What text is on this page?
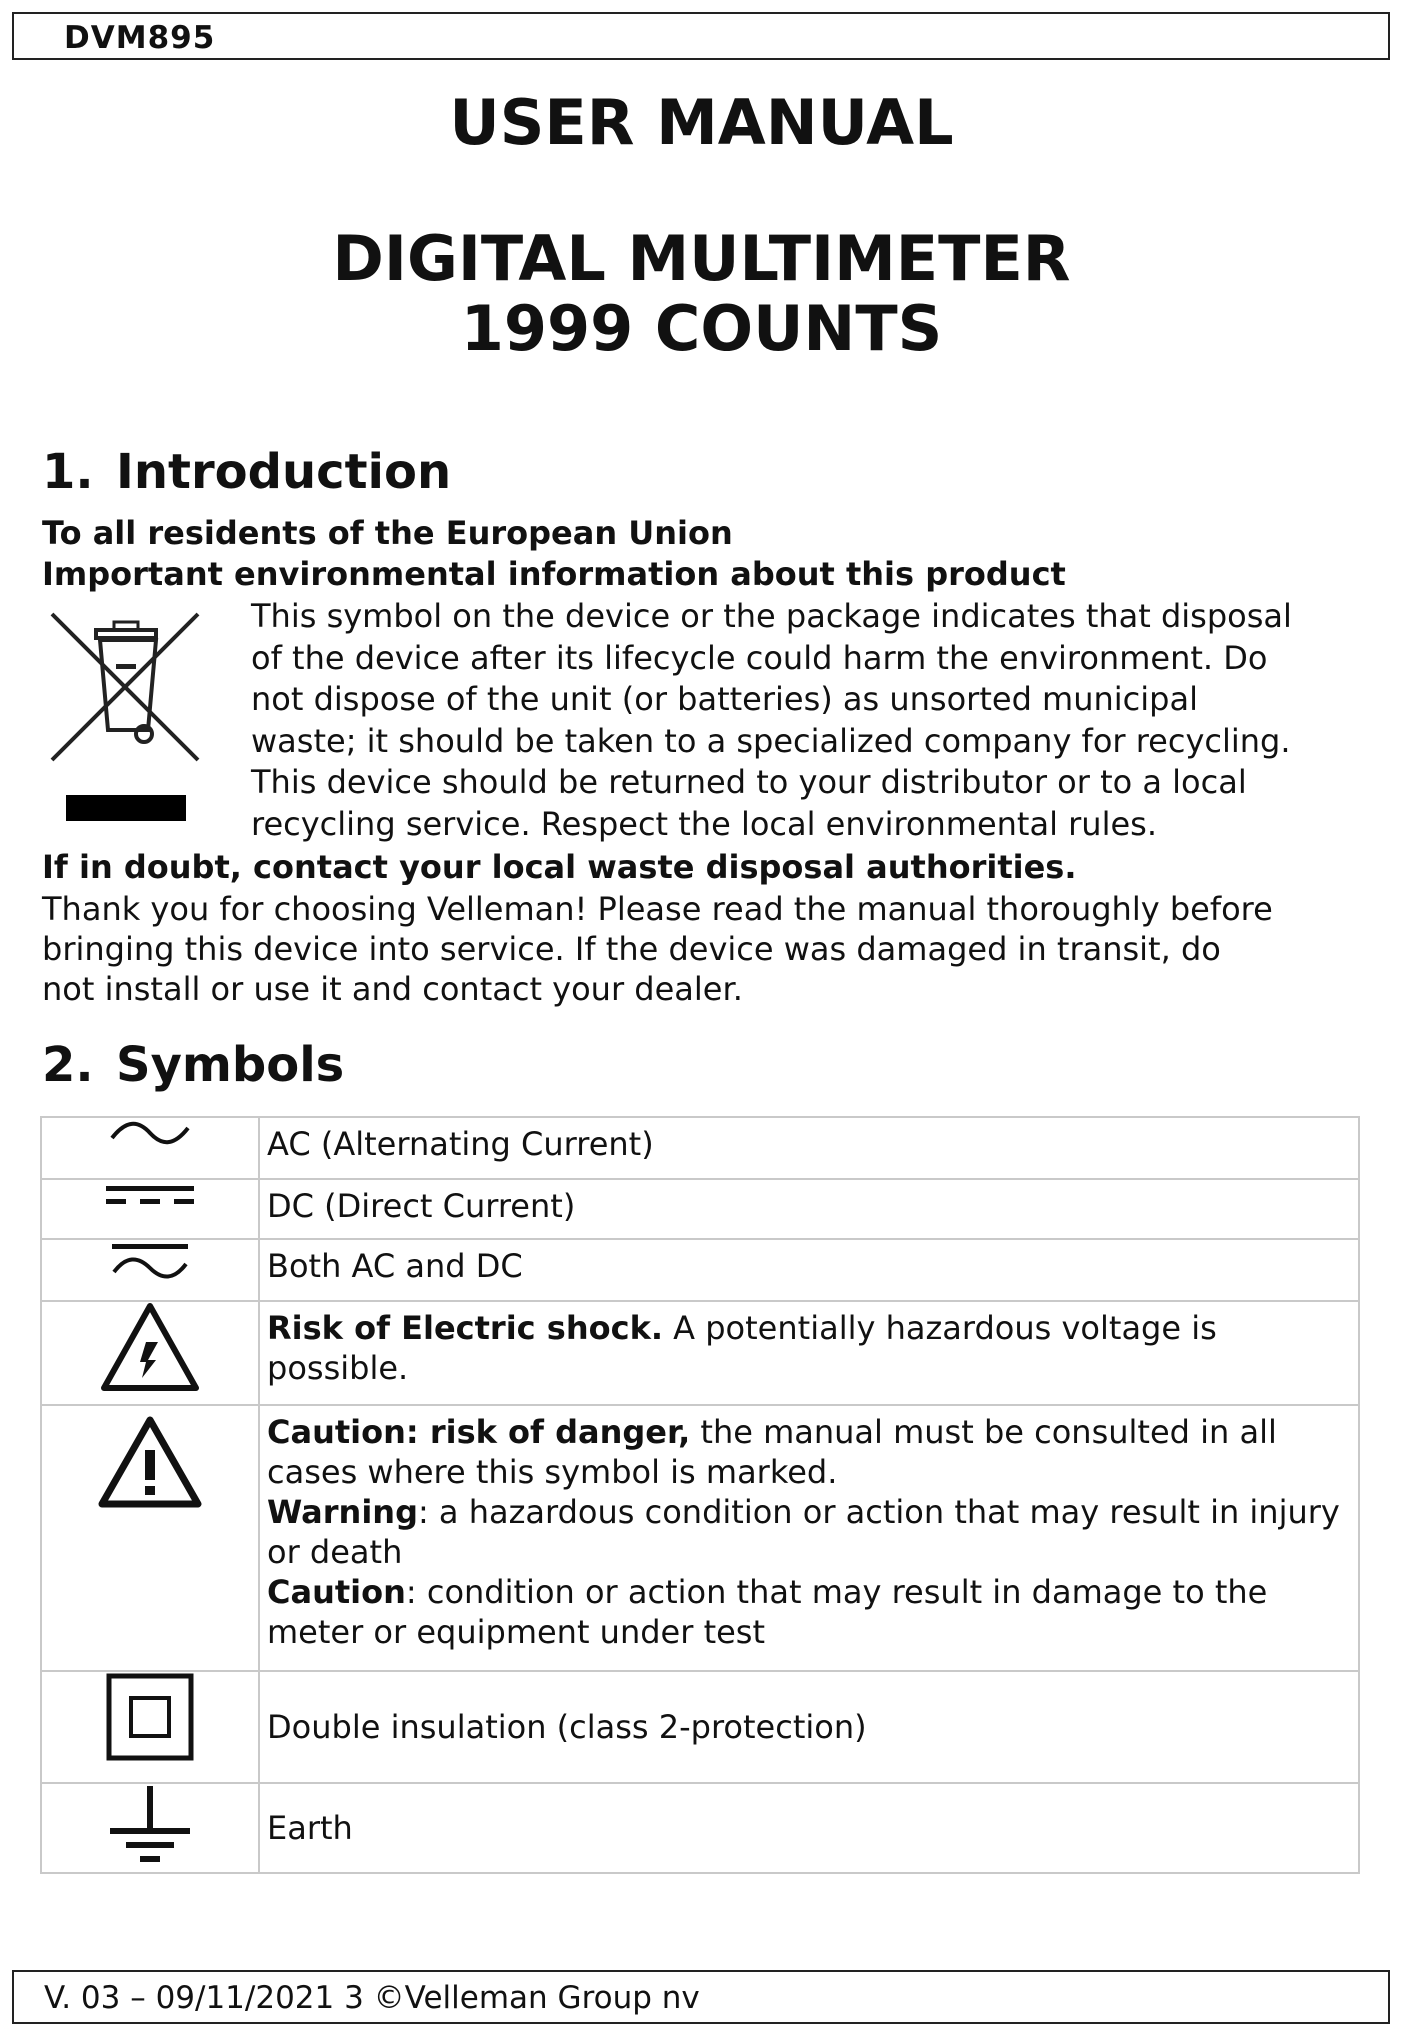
DVM895
USER MANUAL
DIGITAL MULTIMETER
1999 COUNTS
1. Introduction
To all residents of the European Union
Important environmental information about this product
This symbol on the device or the package indicates that disposal
of the device after its lifecycle could harm the environment. Do
not dispose of the unit (or batteries) as unsorted municipal
waste; it should be taken to a specialized company for recycling.
This device should be returned to your distributor or to a local
recycling service. Respect the local environmental rules.
If in doubt, contact your local waste disposal authorities.
Thank you for choosing Velleman! Please read the manual thoroughly before
bringing this device into service. If the device was damaged in transit, do
not install or use it and contact your dealer.
2. Symbols
	AC (Alternating Current)

	DC (Direct Current)

	Both AC and DC

	Risk of Electric shock. A potentially hazardous voltage is possible.

Caution: risk of danger, the manual must be consulted in all cases where this symbol is marked.
Warning: a hazardous condition or action that may result in injury or death
Caution: condition or action that may result in damage to the meter or equipment under test

	Double insulation (class 2-protection)

	Earth
V. 03 – 09/11/2021 3 ©Velleman Group nv
